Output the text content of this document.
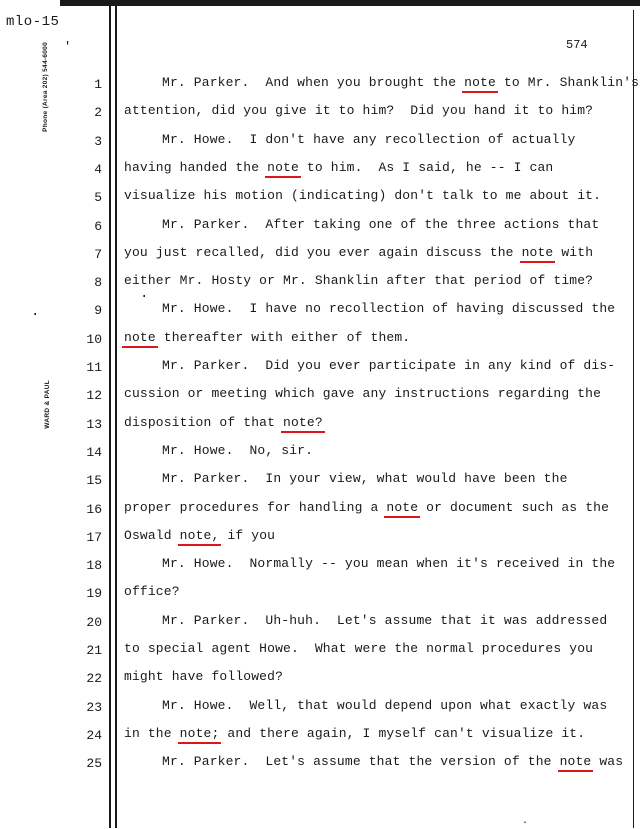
mlo-15
'	574
Phone (Area 202) 544-6000
WARD & PAUL
·
·
1	Mr. Parker.  And when you brought the note to Mr. Shanklin's
2 attention, did you give it to him?  Did you hand it to him?
3	Mr. Howe.  I don't have any recollection of actually
4 having handed the note to him.  As I said, he -- I can
5 visualize his motion (indicating) don't talk to me about it.
6	Mr. Parker.  After taking one of the three actions that
7 you just recalled, did you ever again discuss the note with
8 either Mr. Hosty or Mr. Shanklin after that period of time?
9	Mr. Howe.  I have no recollection of having discussed the
10 note thereafter with either of them.
11	Mr. Parker.  Did you ever participate in any kind of dis-
12 cussion or meeting which gave any instructions regarding the
13 disposition of that note?
14	Mr. Howe.  No, sir.
15	Mr. Parker.  In your view, what would have been the
16 proper procedures for handling a note or document such as the
17 Oswald note, if you
18	Mr. Howe.  Normally -- you mean when it's received in the
19 office?
20	Mr. Parker.  Uh-huh.  Let's assume that it was addressed
21 to special agent Howe.  What were the normal procedures you
22 might have followed?
23	Mr. Howe.  Well, that would depend upon what exactly was
24 in the note; and there again, I myself can't visualize it.
25	Mr. Parker.  Let's assume that the version of the note was
·
